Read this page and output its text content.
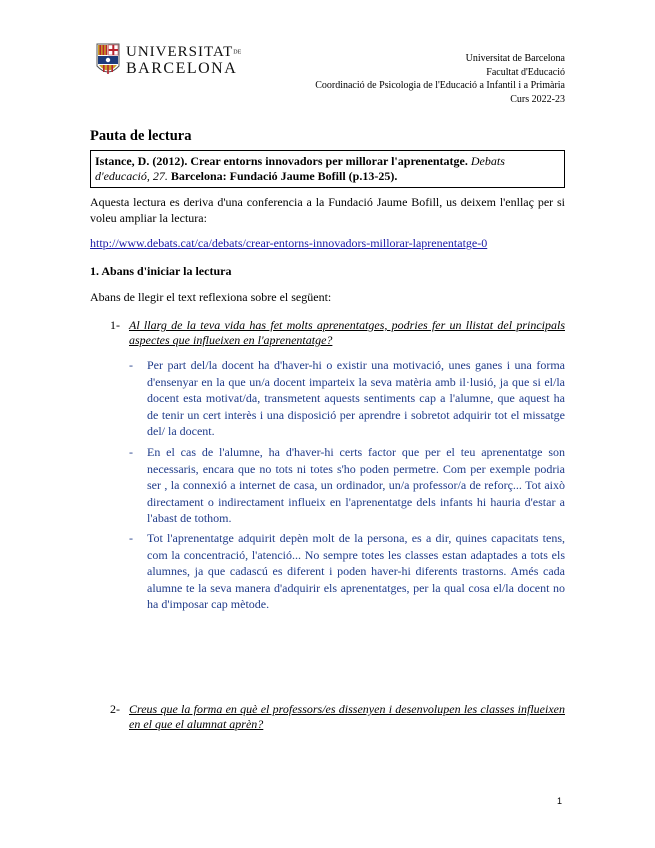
UNIVERSITATDE
BARCELONA
Universitat de Barcelona
Facultat d'Educació
Coordinació de Psicologia de l'Educació a Infantil i a Primària
Curs 2022-23
Pauta de lectura
Istance, D. (2012). Crear entorns innovadors per millorar l'aprenentatge. Debats d'educació, 27. Barcelona: Fundació Jaume Bofill (p.13-25).
Aquesta lectura es deriva d'una conferencia a la Fundació Jaume Bofill, us deixem l'enllaç per si voleu ampliar la lectura:
http://www.debats.cat/ca/debats/crear-entorns-innovadors-millorar-laprenentatge-0
1. Abans d'iniciar la lectura
Abans de llegir el text reflexiona sobre el següent:
1- Al llarg de la teva vida has fet molts aprenentatges, podries fer un llistat del principals aspectes que influeixen en l'aprenentatge?
- Per part del/la docent ha d'haver-hi o existir una motivació, unes ganes i una forma d'ensenyar en la que un/a docent imparteix la seva matèria amb il·lusió, ja que si el/la docent esta motivat/da, transmetent aquests sentiments cap a l'alumne, que aquest ha de tenir un cert interès i una disposició per aprendre i sobretot adquirir tot el missatge del/ la docent.
- En el cas de l'alumne, ha d'haver-hi certs factor que per el teu aprenentatge son necessaris, encara que no tots ni totes s'ho poden permetre. Com per exemple podria ser , la connexió a internet de casa, un ordinador, un/a professor/a de reforç... Tot això directament o indirectament influeix en l'aprenentatge dels infants hi hauria d'estar a l'abast de tothom.
- Tot l'aprenentatge adquirit depèn molt de la persona, es a dir, quines capacitats tens, com la concentració, l'atenció... No sempre totes les classes estan adaptades a tots els alumnes, ja que cadascú es diferent i poden haver-hi diferents trastorns. Amés cada alumne te la seva manera d'adquirir els aprenentatges, per la qual cosa el/la docent no ha d'imposar cap mètode.
2- Creus que la forma en què el professors/es dissenyen i desenvolupen les classes influeixen en el que el alumnat aprèn?
1
